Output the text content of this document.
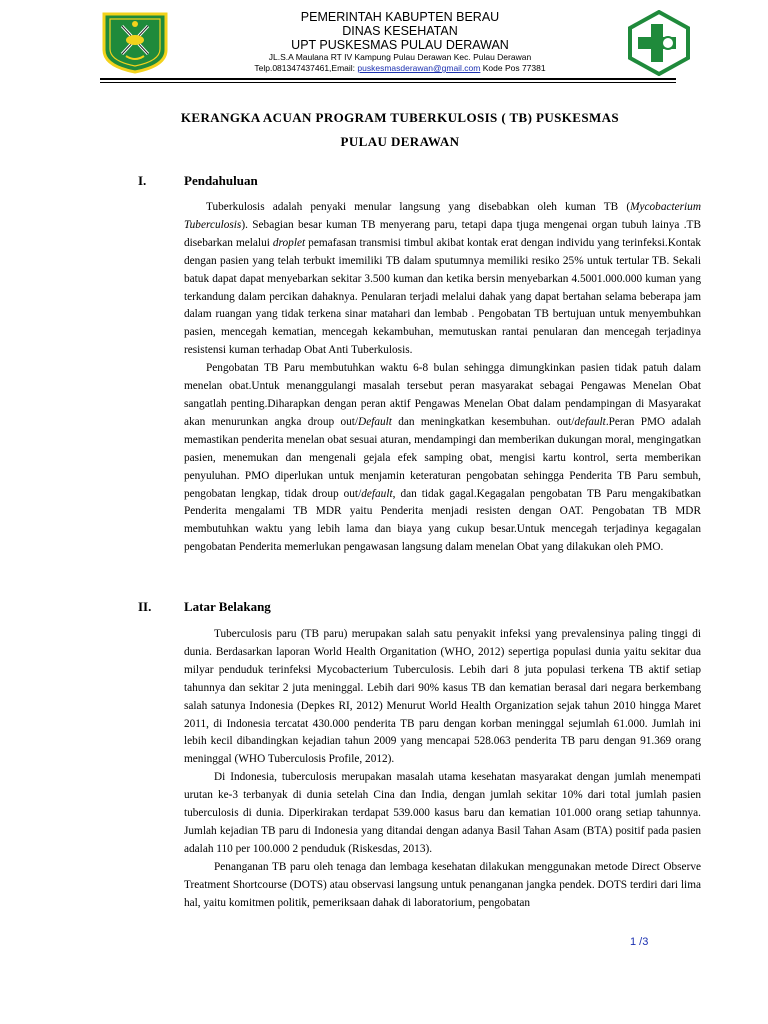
PEMERINTAH KABUPTEN BERAU
DINAS KESEHATAN
UPT PUSKESMAS PULAU DERAWAN
JL.S.A Maulana RT IV Kampung Pulau Derawan Kec. Pulau Derawan
Telp.081347437461,Email: puskesmasderawan@gmail.com Kode Pos 77381
KERANGKA ACUAN PROGRAM TUBERKULOSIS ( TB) PUSKESMAS
PULAU DERAWAN
I.	Pendahuluan

Tuberkulosis adalah penyaki menular langsung yang disebabkan oleh kuman TB (Mycobacterium Tuberculosis). Sebagian besar kuman TB menyerang paru, tetapi dapa tjuga mengenai organ tubuh lainya .TB disebarkan melalui droplet pemafasan transmisi timbul akibat kontak erat dengan individu yang terinfeksi.Kontak dengan pasien yang telah terbukt imemiliki TB dalam sputumnya memiliki resiko 25% untuk tertular TB. Sekali batuk dapat dapat menyebarkan sekitar 3.500 kuman dan ketika bersin menyebarkan 4.5001.000.000 kuman yang terkandung dalam percikan dahaknya. Penularan terjadi melalui dahak yang dapat bertahan selama beberapa jam dalam ruangan yang tidak terkena sinar matahari dan lembab . Pengobatan TB bertujuan untuk menyembuhkan pasien, mencegah kematian, mencegah kekambuhan, memutuskan rantai penularan dan mencegah terjadinya resistensi kuman terhadap Obat Anti Tuberkulosis.

Pengobatan TB Paru membutuhkan waktu 6-8 bulan sehingga dimungkinkan pasien tidak patuh dalam menelan obat.Untuk menanggulangi masalah tersebut peran masyarakat sebagai Pengawas Menelan Obat sangatlah penting.Diharapkan dengan peran aktif Pengawas Menelan Obat dalam pendampingan di Masyarakat akan menurunkan angka droup out/Default dan meningkatkan kesembuhan. out/default.Peran PMO adalah memastikan penderita menelan obat sesuai aturan, mendampingi dan memberikan dukungan moral, mengingatkan pasien, menemukan dan mengenali gejala efek samping obat, mengisi kartu kontrol, serta memberikan penyuluhan. PMO diperlukan untuk menjamin keteraturan pengobatan sehingga Penderita TB Paru sembuh, pengobatan lengkap, tidak droup out/default, dan tidak gagal.Kegagalan pengobatan TB Paru mengakibatkan Penderita mengalami TB MDR yaitu Penderita menjadi resisten dengan OAT. Pengobatan TB MDR membutuhkan waktu yang lebih lama dan biaya yang cukup besar.Untuk mencegah terjadinya kegagalan pengobatan Penderita memerlukan pengawasan langsung dalam menelan Obat yang dilakukan oleh PMO.

II.	Latar Belakang

Tuberculosis paru (TB paru) merupakan salah satu penyakit infeksi yang prevalensinya paling tinggi di dunia. Berdasarkan laporan World Health Organitation (WHO, 2012) sepertiga populasi dunia yaitu sekitar dua milyar penduduk terinfeksi Mycobacterium Tuberculosis. Lebih dari 8 juta populasi terkena TB aktif setiap tahunnya dan sekitar 2 juta meninggal. Lebih dari 90% kasus TB dan kematian berasal dari negara berkembang salah satunya Indonesia (Depkes RI, 2012) Menurut World Health Organization sejak tahun 2010 hingga Maret 2011, di Indonesia tercatat 430.000 penderita TB paru dengan korban meninggal sejumlah 61.000. Jumlah ini lebih kecil dibandingkan kejadian tahun 2009 yang mencapai 528.063 penderita TB paru dengan 91.369 orang meninggal (WHO Tuberculosis Profile, 2012).

Di Indonesia, tuberculosis merupakan masalah utama kesehatan masyarakat dengan jumlah menempati urutan ke-3 terbanyak di dunia setelah Cina dan India, dengan jumlah sekitar 10% dari total jumlah pasien tuberculosis di dunia. Diperkirakan terdapat 539.000 kasus baru dan kematian 101.000 orang setiap tahunnya. Jumlah kejadian TB paru di Indonesia yang ditandai dengan adanya Basil Tahan Asam (BTA) positif pada pasien adalah 110 per 100.000 2 penduduk (Riskesdas, 2013).

Penanganan TB paru oleh tenaga dan lembaga kesehatan dilakukan menggunakan metode Direct Observe Treatment Shortcourse (DOTS) atau observasi langsung untuk penanganan jangka pendek. DOTS terdiri dari lima hal, yaitu komitmen politik, pemeriksaan dahak di laboratorium, pengobatan

1 /3
